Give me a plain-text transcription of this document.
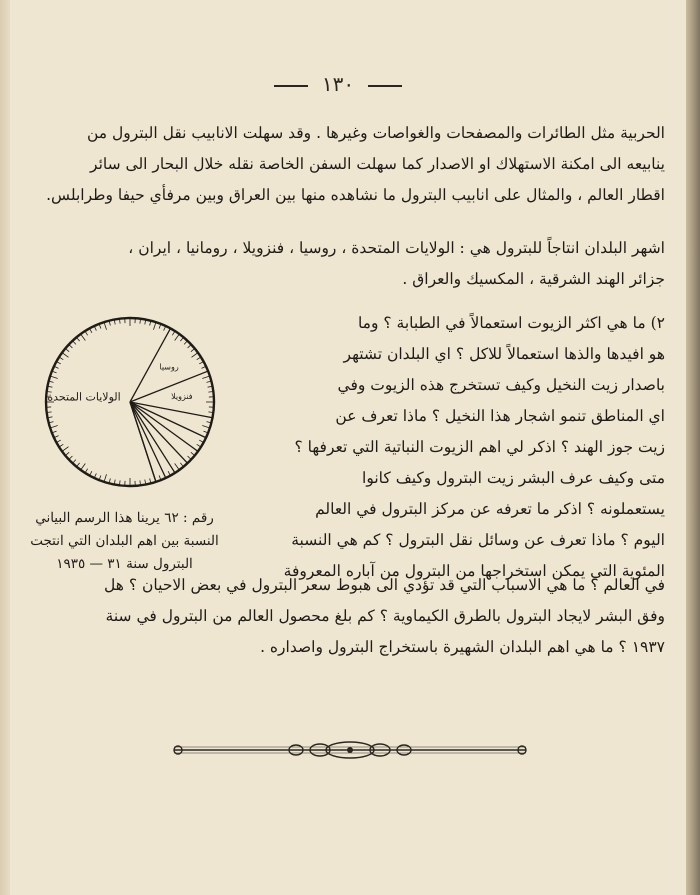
١٣٠
الحربية مثل الطائرات والمصفحات والغواصات وغيرها . وقد سهلت الانابيب نقل البترول من
ينابيعه الى امكنة الاستهلاك او الاصدار كما سهلت السفن الخاصة نقله خلال البحار الى سائر
اقطار العالم ، والمثال على انابيب البترول ما نشاهده منها بين العراق وبين مرفأي حيفا وطرابلس.
اشهر البلدان انتاجاً للبترول هي : الولايات المتحدة ، روسيا ، فنزويلا ، رومانيا ، ايران ،
جزائر الهند الشرقية ، المكسيك والعراق .
٢) ما هي اكثر الزيوت استعمالاً في الطبابة ؟ وما
هو افيدها والذها استعمالاً للاكل ؟ اي البلدان تشتهر
باصدار زيت النخيل وكيف تستخرج هذه الزيوت وفي
اي المناطق تنمو اشجار هذا النخيل ؟ ماذا تعرف عن
زيت جوز الهند ؟ اذكر لي اهم الزيوت النباتية التي تعرفها ؟
متى وكيف عرف البشر زيت البترول وكيف كانوا
يستعملونه ؟ اذكر ما تعرفه عن مركز البترول في العالم
اليوم ؟ ماذا تعرف عن وسائل نقل البترول ؟ كم هي النسبة
المئوية التي يمكن استخراجها من البترول من آباره المعروفة
في العالم ؟ ما هي الاسباب التي قد تؤدي الى هبوط سعر البترول في بعض الاحيان ؟ هل
وفق البشر لايجاد البترول بالطرق الكيماوية ؟ كم بلغ محصول العالم من البترول في سنة
١٩٣٧ ؟ ما هي اهم البلدان الشهيرة باستخراج البترول واصداره .
الولايات المتحدة
روسيا
فنزويلا
رقم : ٦٢ يرينا هذا الرسم البياني
النسبة بين اهم البلدان التي انتجت
البترول سنة ٣١ — ١٩٣٥
